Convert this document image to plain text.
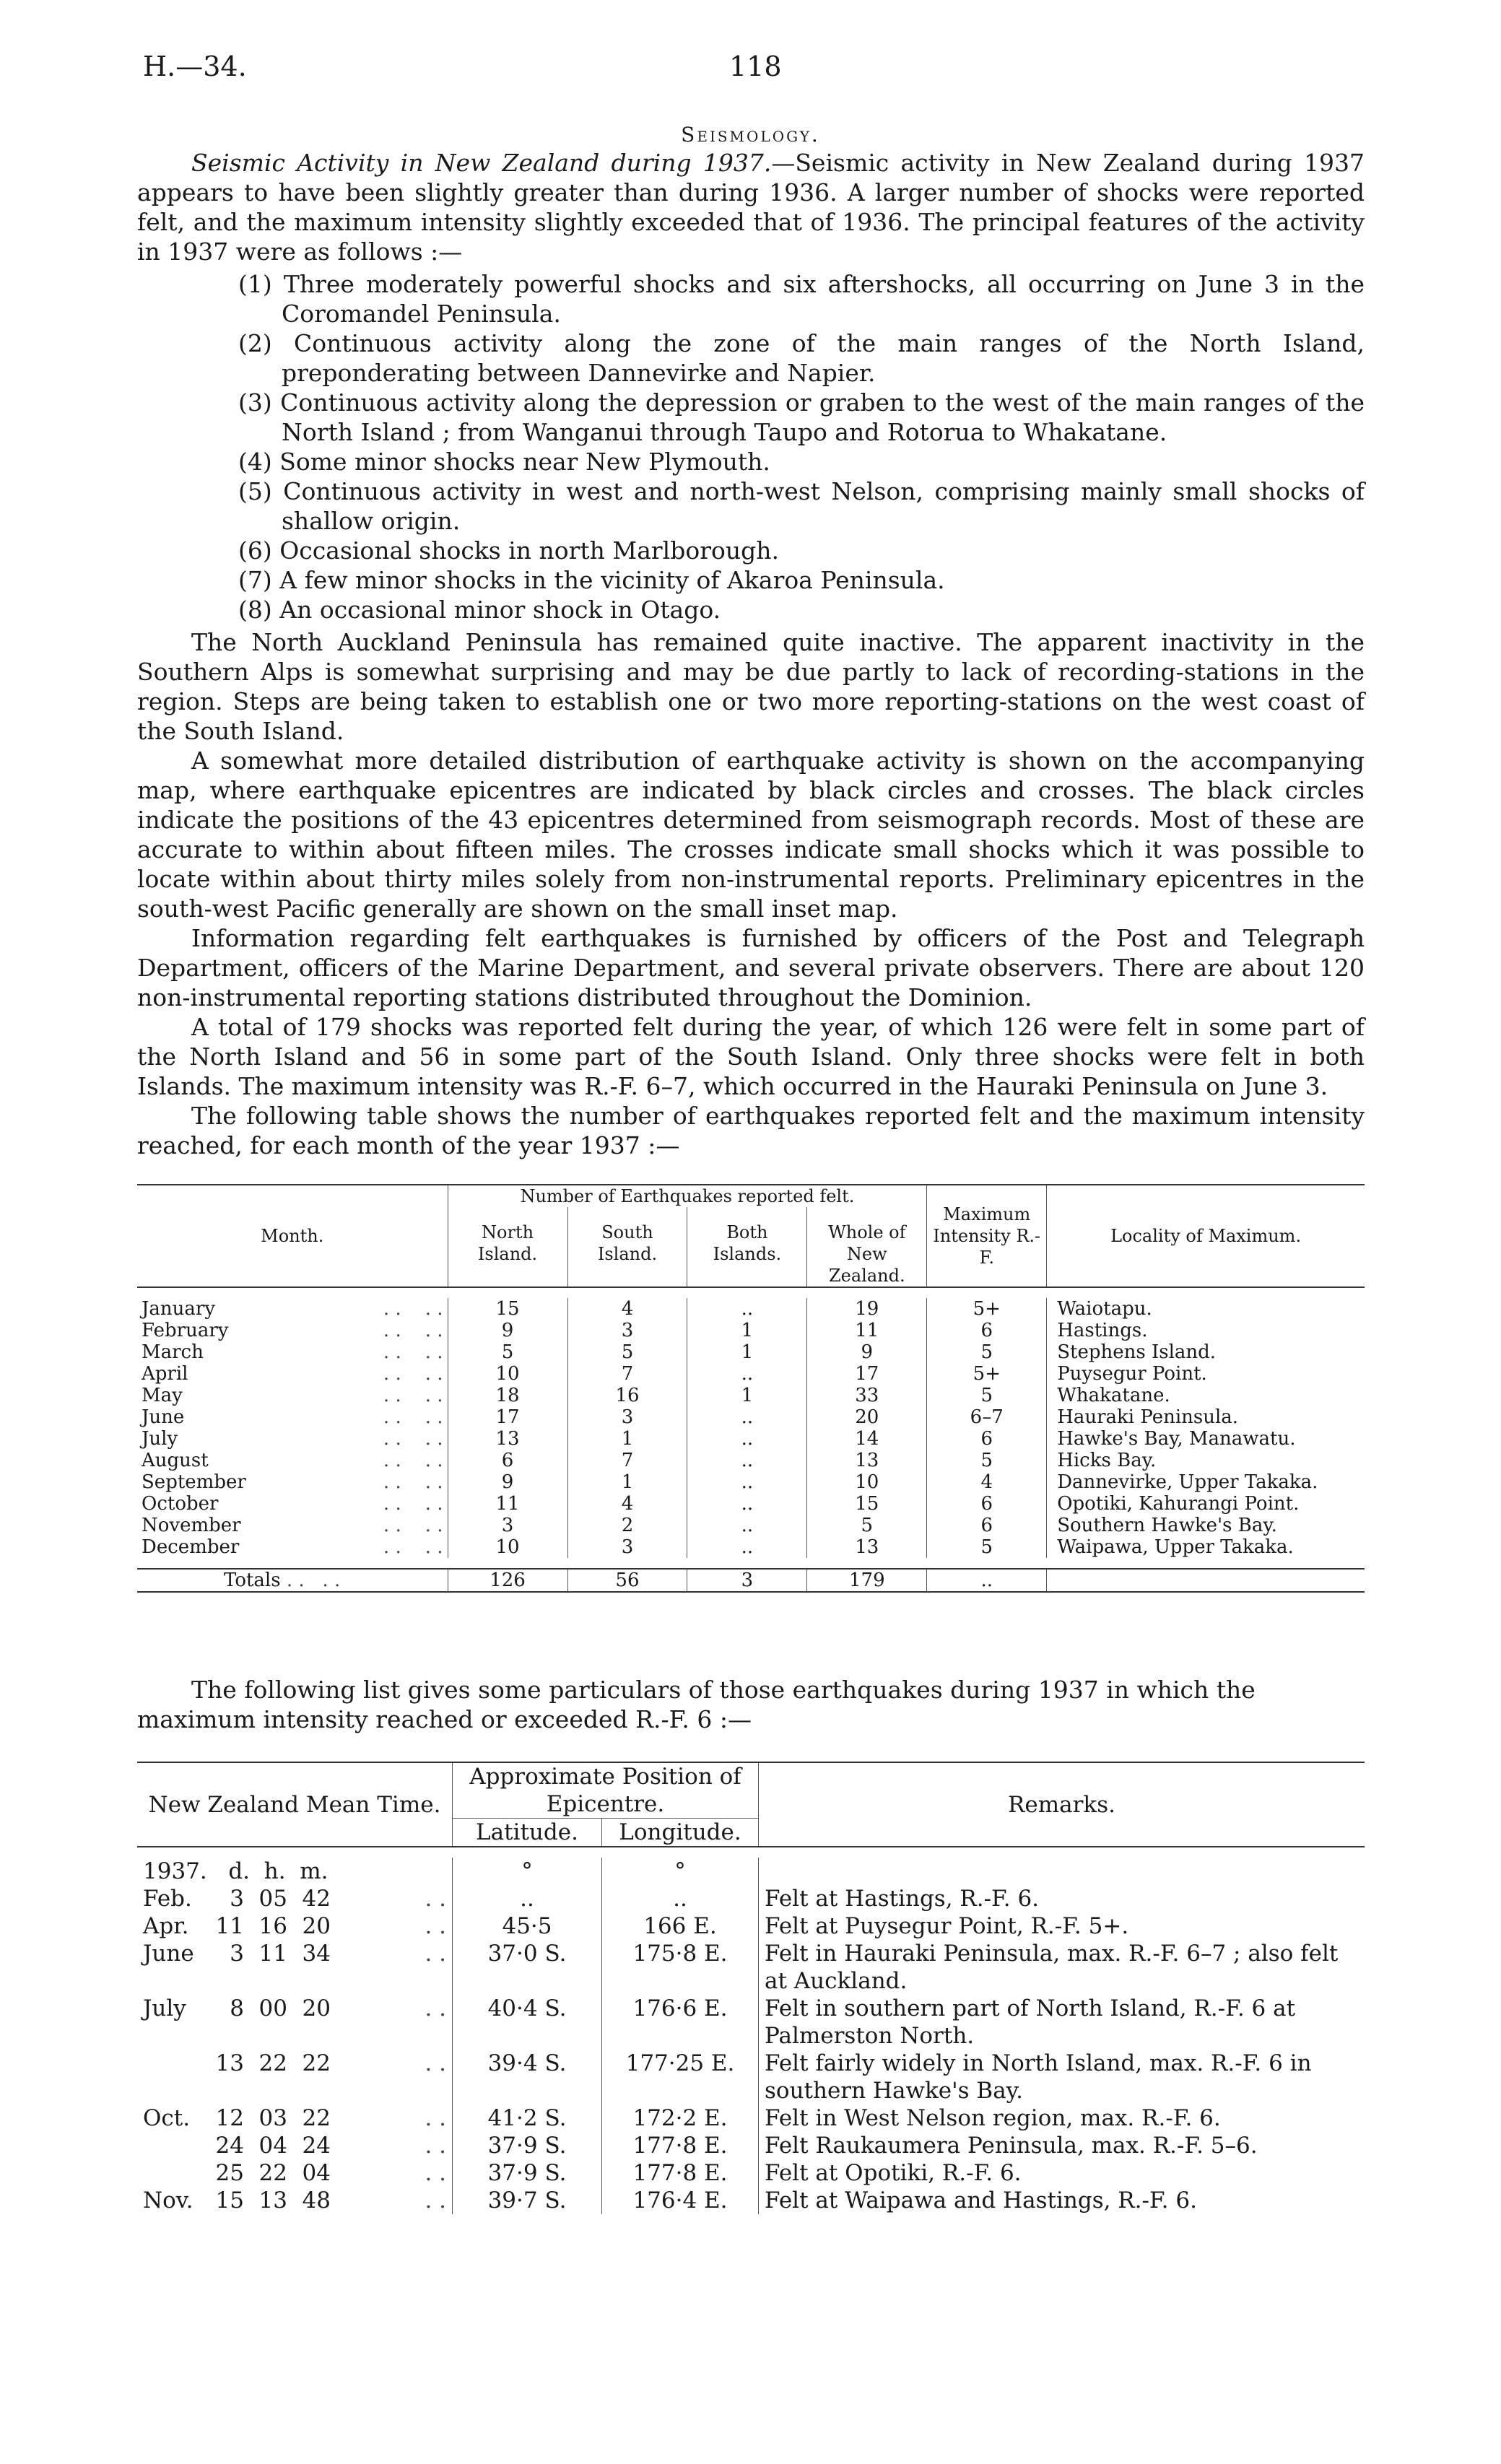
H.—34.	118
Seismology.

Seismic Activity in New Zealand during 1937.—Seismic activity in New Zealand during 1937 appears to have been slightly greater than during 1936. A larger number of shocks were reported felt, and the maximum intensity slightly exceeded that of 1936. The principal features of the activity in 1937 were as follows :—

(1) Three moderately powerful shocks and six aftershocks, all occurring on June 3 in the Coromandel Peninsula.
(2) Continuous activity along the zone of the main ranges of the North Island, preponderating between Dannevirke and Napier.
(3) Continuous activity along the depression or graben to the west of the main ranges of the North Island ; from Wanganui through Taupo and Rotorua to Whakatane.
(4) Some minor shocks near New Plymouth.
(5) Continuous activity in west and north-west Nelson, comprising mainly small shocks of shallow origin.
(6) Occasional shocks in north Marlborough.
(7) A few minor shocks in the vicinity of Akaroa Peninsula.
(8) An occasional minor shock in Otago.

The North Auckland Peninsula has remained quite inactive. The apparent inactivity in the Southern Alps is somewhat surprising and may be due partly to lack of recording-stations in the region. Steps are being taken to establish one or two more reporting-stations on the west coast of the South Island.

A somewhat more detailed distribution of earthquake activity is shown on the accompanying map, where earthquake epicentres are indicated by black circles and crosses. The black circles indicate the positions of the 43 epicentres determined from seismograph records. Most of these are accurate to within about fifteen miles. The crosses indicate small shocks which it was possible to locate within about thirty miles solely from non-instrumental reports. Preliminary epicentres in the south-west Pacific generally are shown on the small inset map.

Information regarding felt earthquakes is furnished by officers of the Post and Telegraph Department, officers of the Marine Department, and several private observers. There are about 120 non-instrumental reporting stations distributed throughout the Dominion.

A total of 179 shocks was reported felt during the year, of which 126 were felt in some part of the North Island and 56 in some part of the South Island. Only three shocks were felt in both Islands. The maximum intensity was R.-F. 6–7, which occurred in the Hauraki Peninsula on June 3.

The following table shows the number of earthquakes reported felt and the maximum intensity reached, for each month of the year 1937 :—

Month.	Number of Earthquakes reported felt.				Maximum Intensity R.-F.	Locality of Maximum.
	North Island.	South Island.	Both Islands.	Whole of New Zealand.		

January . .    . .	15	4	..	19	5+	Waiotapu.
February . .    . .	9	3	1	11	6	Hastings.
March . .    . .	5	5	1	9	5	Stephens Island.
April . .    . .	10	7	..	17	5+	Puysegur Point.
May . .    . .	18	16	1	33	5	Whakatane.
June . .    . .	17	3	..	20	6–7	Hauraki Peninsula.
July . .    . .	13	1	..	14	6	Hawke's Bay, Manawatu.
August . .    . .	6	7	..	13	5	Hicks Bay.
September . .    . .	9	1	..	10	4	Dannevirke, Upper Takaka.
October . .    . .	11	4	..	15	6	Opotiki, Kahurangi Point.
November . .    . .	3	2	..	5	6	Southern Hawke's Bay.
December . .    . .	10	3	..	13	5	Waipawa, Upper Takaka.

Totals . .   . .	126	56	3	179	..	

The following list gives some particulars of those earthquakes during 1937 in which the maximum intensity reached or exceeded R.-F. 6 :—

New Zealand Mean Time.	Approximate Position of Epicentre.		Remarks.
	Latitude.	Longitude.	

1937. d. h. m.	°	°	

Feb. 3 05 42 . .	..	..	Felt at Hastings, R.-F. 6.

Apr. 11 16 20 . .	45·5	166 E.	Felt at Puysegur Point, R.-F. 5+.

June 3 11 34 . .	37·0 S.	175·8 E.	Felt in Hauraki Peninsula, max. R.-F. 6–7 ; also felt at Auckland.

July 8 00 20 . .	40·4 S.	176·6 E.	Felt in southern part of North Island, R.-F. 6 at Palmerston North.

13 22 22 . .	39·4 S.	177·25 E.	Felt fairly widely in North Island, max. R.-F. 6 in southern Hawke's Bay.

Oct. 12 03 22 . .	41·2 S.	172·2 E.	Felt in West Nelson region, max. R.-F. 6.

24 04 24 . .	37·9 S.	177·8 E.	Felt Raukaumera Peninsula, max. R.-F. 5–6.

25 22 04 . .	37·9 S.	177·8 E.	Felt at Opotiki, R.-F. 6.

Nov. 15 13 48 . .	39·7 S.	176·4 E.	Felt at Waipawa and Hastings, R.-F. 6.
